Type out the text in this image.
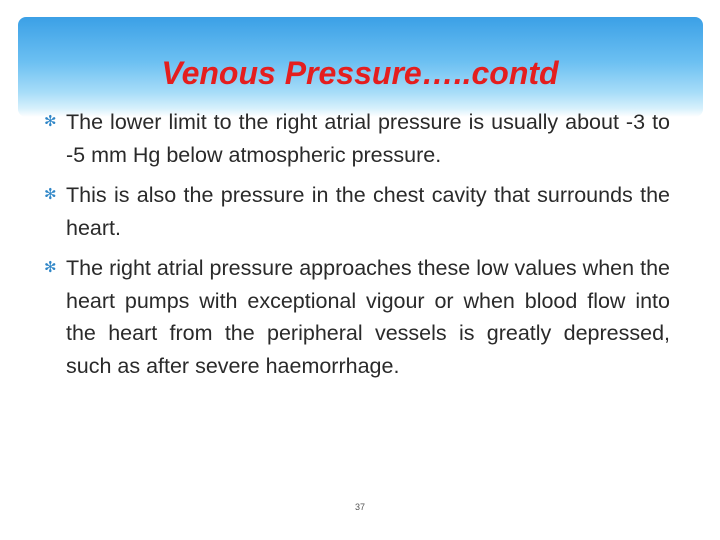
Venous Pressure…..contd
✻ The lower limit to the right atrial pressure is usually about -3 to -5 mm Hg below atmospheric pressure.
✻ This is also the pressure in the chest cavity that surrounds the heart.
✻ The right atrial pressure approaches these low values when the heart pumps with exceptional vigour or when blood flow into the heart from the peripheral vessels is greatly depressed, such as after severe haemorrhage.
37
